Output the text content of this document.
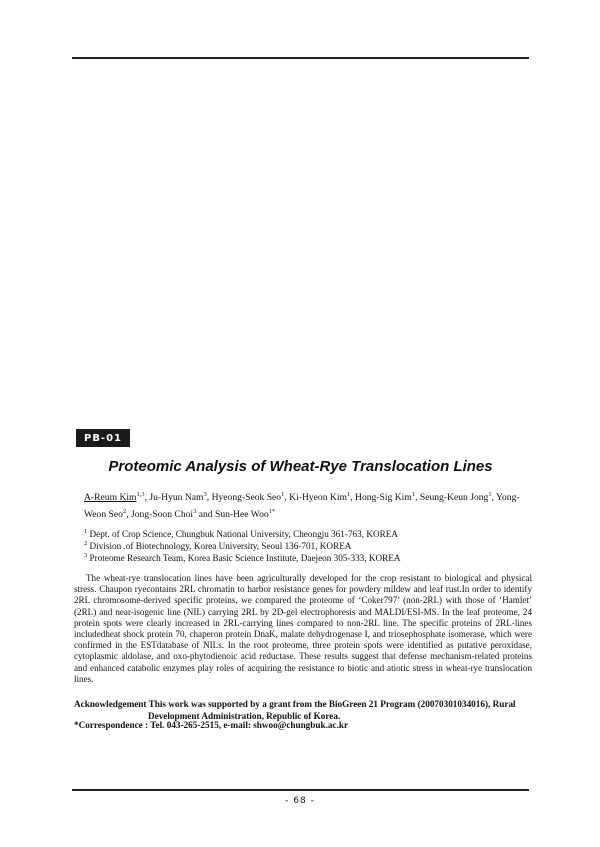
PB-01
Proteomic Analysis of Wheat-Rye Translocation Lines
A-Reum Kim$^{1,3}$, Ju-Hyun Nam$^3$, Hyeong-Seok Seo$^1$, Ki-Hyeon Kim$^1$, Hong-Sig Kim$^1$, Seung-Keun Jong$^1$, Yong-Weon Seo$^2$, Jong-Soon Choi$^3$ and Sun-Hee Woo$^{1*}$
$^1$ Dept. of Crop Science, Chungbuk National University, Cheongju 361-763, KOREA
$^2$ Division .of Biotechnology, Korea University, Seoul 136-701, KOREA
$^3$ Proteome Research Team, Korea Basic Science Institute, Daejeon 305-333, KOREA
The wheat-rye translocation lines have been agriculturally developed for the crop resistant to biological and physical stress. Chaupon ryecontains 2RL chromatin to harbor resistance genes for powdery mildew and leaf rust.In order to identify 2RL chromosome-derived specific proteins, we compared the proteome of ‘Coker797’ (non-2RL) with those of ‘Hamlet’ (2RL) and near-isogenic line (NIL) carrying 2RL by 2D-gel electrophoresis and MALDI/ESI-MS. In the leaf proteome, 24 protein spots were clearly increased in 2RL-carrying lines compared to non-2RL line. The specific proteins of 2RL-lines includedheat shock protein 70, chaperon protein DnaK, malate dehydrogenase I, and triosephosphate isomerase, which were confirmed in the ESTdatabase of NILs. In the root proteome, three protein spots were identified as putative peroxidase, cytoplasmic aldolase, and oxo-phytodienoic acid reductase. These results suggest that defense mechanism-related proteins and enhanced catabolic enzymes play roles of acquiring the resistance to biotic and atiotic stress in wheat-rye translocation lines.
Acknowledgement This work was supported by a grant from the BioGreen 21 Program (20070301034016), Rural
Development Administration, Republic of Korea.
*Correspondence : Tel. 043-265-2515, e-mail: shwoo@chungbuk.ac.kr
- 68 -
